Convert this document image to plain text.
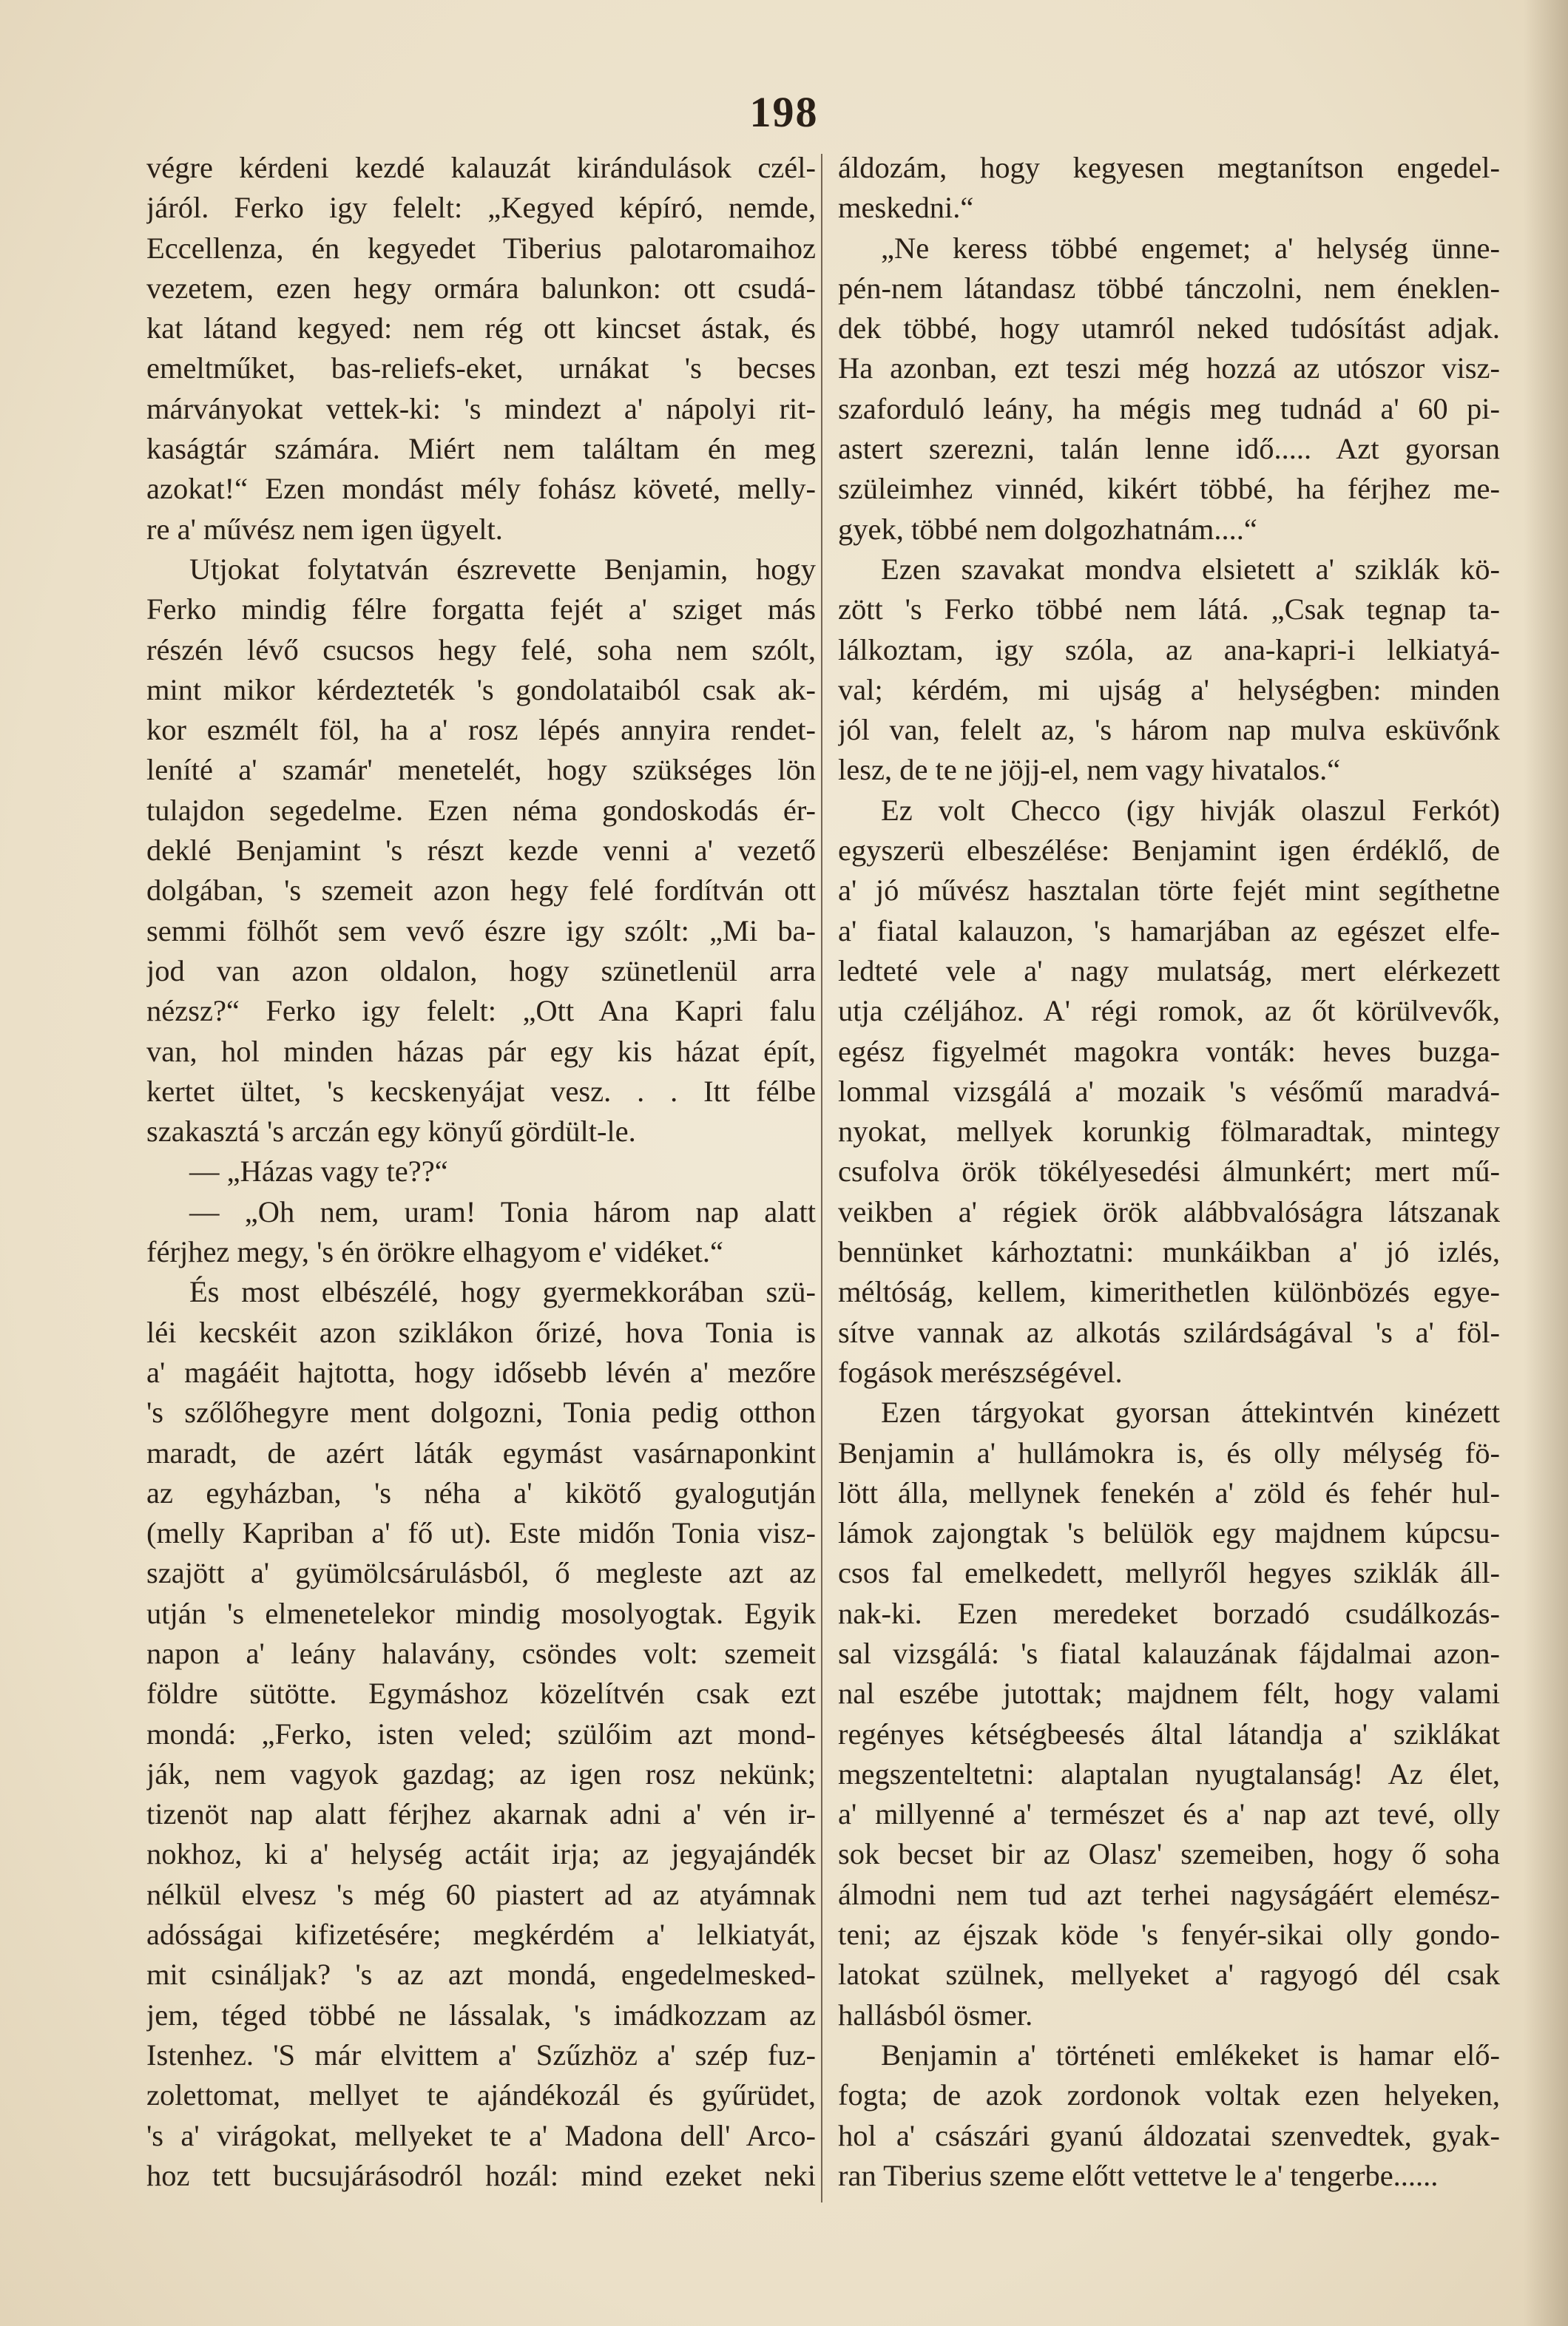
198
végre kérdeni kezdé kalauzát kirándulások czél-
járól. Ferko igy felelt: „Kegyed képíró, nemde,
Eccellenza, én kegyedet Tiberius palotaromaihoz
vezetem, ezen hegy ormára balunkon: ott csudá-
kat látand kegyed: nem rég ott kincset ástak, és
emeltműket, bas-reliefs-eket, urnákat 's becses
márványokat vettek-ki: 's mindezt a' nápolyi rit-
kaságtár számára. Miért nem találtam én meg
azokat!“ Ezen mondást mély fohász követé, melly-
re a' művész nem igen ügyelt.
Utjokat folytatván észrevette Benjamin, hogy
Ferko mindig félre forgatta fejét a' sziget más
részén lévő csucsos hegy felé, soha nem szólt,
mint mikor kérdezteték 's gondolataiból csak ak-
kor eszmélt föl, ha a' rosz lépés annyira rendet-
leníté a' szamár' menetelét, hogy szükséges lön
tulajdon segedelme. Ezen néma gondoskodás ér-
deklé Benjamint 's részt kezde venni a' vezető
dolgában, 's szemeit azon hegy felé fordítván ott
semmi fölhőt sem vevő észre igy szólt: „Mi ba-
jod van azon oldalon, hogy szünetlenül arra
nézsz?“ Ferko igy felelt: „Ott Ana Kapri falu
van, hol minden házas pár egy kis házat épít,
kertet ültet, 's kecskenyájat vesz. . . Itt félbe
szakasztá 's arczán egy könyű gördült-le.
— „Házas vagy te??“
— „Oh nem, uram! Tonia három nap alatt
férjhez megy, 's én örökre elhagyom e' vidéket.“
És most elbészélé, hogy gyermekkorában szü-
léi kecskéit azon sziklákon őrizé, hova Tonia is
a' magáéit hajtotta, hogy idősebb lévén a' mezőre
's szőlőhegyre ment dolgozni, Tonia pedig otthon
maradt, de azért láták egymást vasárnaponkint
az egyházban, 's néha a' kikötő gyalogutján
(melly Kapriban a' fő ut). Este midőn Tonia visz-
szajött a' gyümölcsárulásból, ő megleste azt az
utján 's elmenetelekor mindig mosolyogtak. Egyik
napon a' leány halavány, csöndes volt: szemeit
földre sütötte. Egymáshoz közelítvén csak ezt
mondá: „Ferko, isten veled; szülőim azt mond-
ják, nem vagyok gazdag; az igen rosz nekünk;
tizenöt nap alatt férjhez akarnak adni a' vén ir-
nokhoz, ki a' helység actáit irja; az jegyajándék
nélkül elvesz 's még 60 piastert ad az atyámnak
adósságai kifizetésére; megkérdém a' lelkiatyát,
mit csináljak? 's az azt mondá, engedelmesked-
jem, téged többé ne lássalak, 's imádkozzam az
Istenhez. 'S már elvittem a' Szűzhöz a' szép fuz-
zolettomat, mellyet te ajándékozál és gyűrüdet,
's a' virágokat, mellyeket te a' Madona dell' Arco-
hoz tett bucsujárásodról hozál: mind ezeket neki
áldozám, hogy kegyesen megtanítson engedel-
meskedni.“
„Ne keress többé engemet; a' helység ünne-
pén-nem látandasz többé tánczolni, nem éneklen-
dek többé, hogy utamról neked tudósítást adjak.
Ha azonban, ezt teszi még hozzá az utószor visz-
szaforduló leány, ha mégis meg tudnád a' 60 pi-
astert szerezni, talán lenne idő..... Azt gyorsan
szüleimhez vinnéd, kikért többé, ha férjhez me-
gyek, többé nem dolgozhatnám....“
Ezen szavakat mondva elsietett a' sziklák kö-
zött 's Ferko többé nem látá. „Csak tegnap ta-
lálkoztam, igy szóla, az ana-kapri-i lelkiatyá-
val; kérdém, mi ujság a' helységben: minden
jól van, felelt az, 's három nap mulva esküvőnk
lesz, de te ne jöjj-el, nem vagy hivatalos.“
Ez volt Checco (igy hivják olaszul Ferkót)
egyszerü elbeszélése: Benjamint igen érdéklő, de
a' jó művész hasztalan törte fejét mint segíthetne
a' fiatal kalauzon, 's hamarjában az egészet elfe-
ledteté vele a' nagy mulatság, mert elérkezett
utja czéljához. A' régi romok, az őt körülvevők,
egész figyelmét magokra vonták: heves buzga-
lommal vizsgálá a' mozaik 's vésőmű maradvá-
nyokat, mellyek korunkig fölmaradtak, mintegy
csufolva örök tökélyesedési álmunkért; mert mű-
veikben a' régiek örök alábbvalóságra látszanak
bennünket kárhoztatni: munkáikban a' jó izlés,
méltóság, kellem, kimerithetlen különbözés egye-
sítve vannak az alkotás szilárdságával 's a' föl-
fogások merészségével.
Ezen tárgyokat gyorsan áttekintvén kinézett
Benjamin a' hullámokra is, és olly mélység fö-
lött álla, mellynek fenekén a' zöld és fehér hul-
lámok zajongtak 's belülök egy majdnem kúpcsu-
csos fal emelkedett, mellyről hegyes sziklák áll-
nak-ki. Ezen meredeket borzadó csudálkozás-
sal vizsgálá: 's fiatal kalauzának fájdalmai azon-
nal eszébe jutottak; majdnem félt, hogy valami
regényes kétségbeesés által látandja a' sziklákat
megszenteltetni: alaptalan nyugtalanság! Az élet,
a' millyenné a' természet és a' nap azt tevé, olly
sok becset bir az Olasz' szemeiben, hogy ő soha
álmodni nem tud azt terhei nagyságáért elemész-
teni; az éjszak köde 's fenyér-sikai olly gondo-
latokat szülnek, mellyeket a' ragyogó dél csak
hallásból ösmer.
Benjamin a' történeti emlékeket is hamar elő-
fogta; de azok zordonok voltak ezen helyeken,
hol a' császári gyanú áldozatai szenvedtek, gyak-
ran Tiberius szeme előtt vettetve le a' tengerbe......
